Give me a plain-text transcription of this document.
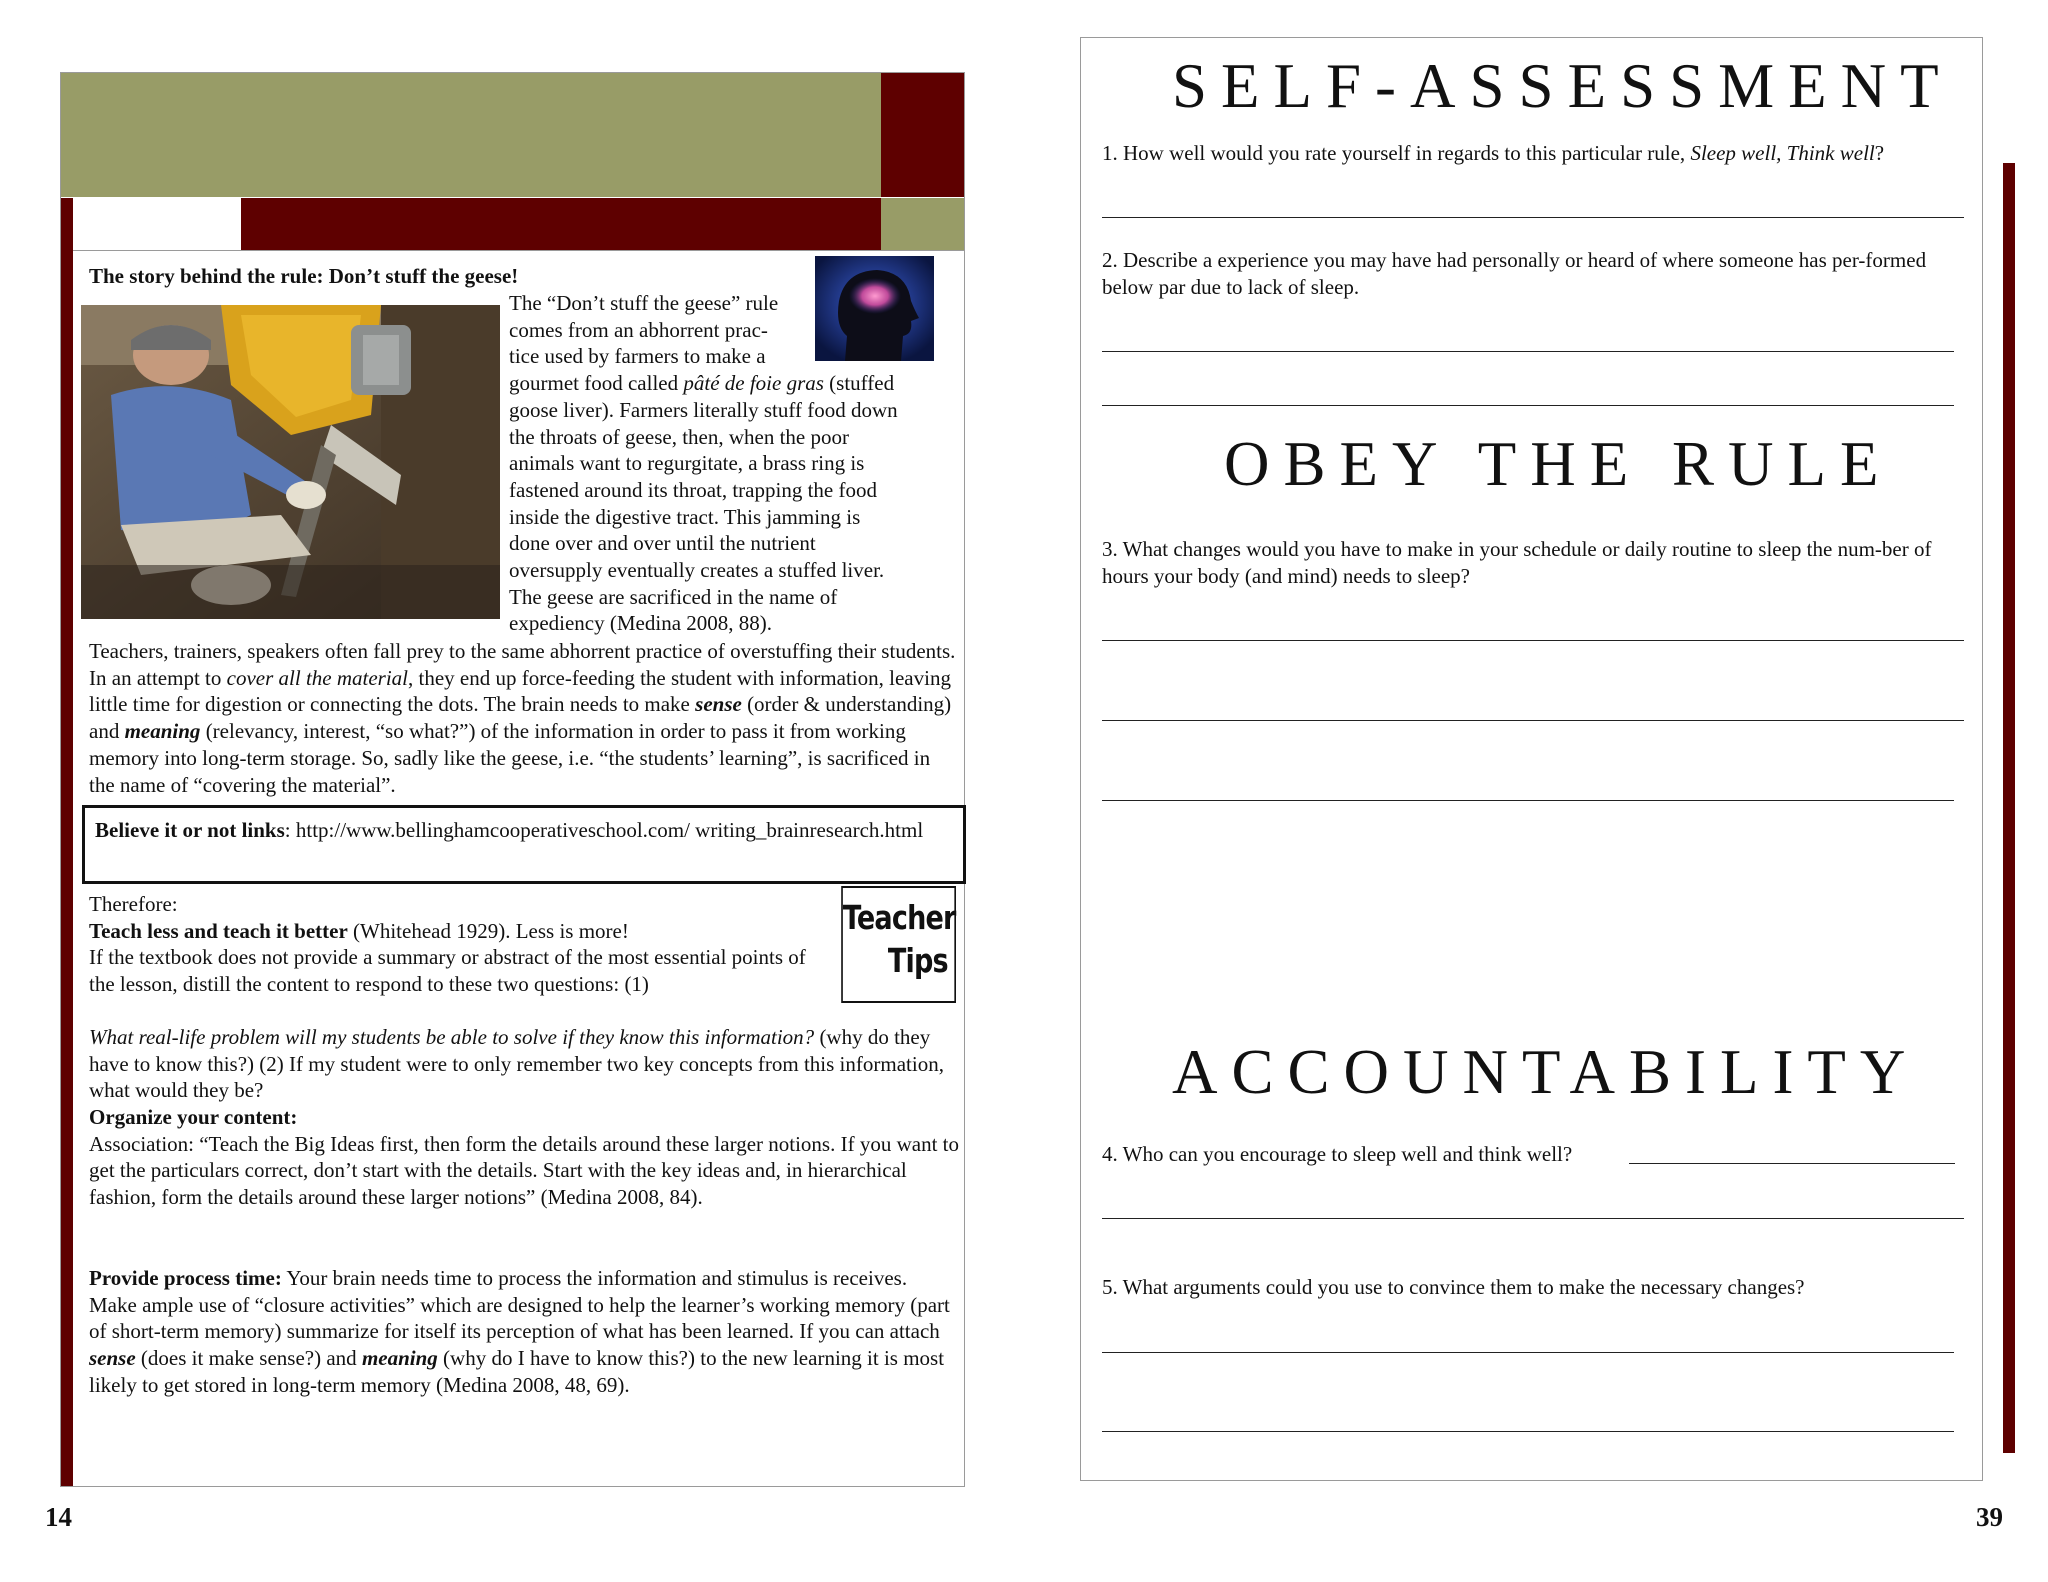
The story behind the rule: Don’t stuff the geese!
The “Don’t stuff the geese” rule
comes from an abhorrent prac-
tice used by farmers to make a
gourmet food called pâté de foie gras (stuffed
goose liver). Farmers literally stuff food down
the throats of geese, then, when the poor
animals want to regurgitate, a brass ring is
fastened around its throat, trapping the food
inside the digestive tract. This jamming is
done over and over until the nutrient
oversupply eventually creates a stuffed liver.
The geese are sacrificed in the name of
expediency (Medina 2008, 88).
Teachers, trainers, speakers often fall prey to the same abhorrent practice of overstuffing their students. In an attempt to cover all the material, they end up force-feeding the student with information, leaving little time for digestion or connecting the dots. The brain needs to make sense (order & understanding) and meaning (relevancy, interest, “so what?”) of the information in order to pass it from working memory into long-term storage. So, sadly like the geese, i.e. “the students’ learning”, is sacrificed in the name of “covering the material”.
Believe it or not links: http://www.bellinghamcooperativeschool.com/ writing_brainresearch.html
Teacher
Tips
Therefore:
Teach less and teach it better (Whitehead 1929). Less is more!
If the textbook does not provide a summary or abstract of the most essential points of the lesson, distill the content to respond to these two questions: (1)
What real-life problem will my students be able to solve if they know this information? (why do they have to know this?) (2) If my student were to only remember two key concepts from this information, what would they be?
Organize your content:
Association: “Teach the Big Ideas first, then form the details around these larger notions. If you want to get the particulars correct, don’t start with the details. Start with the key ideas and, in hierarchical fashion, form the details around these larger notions” (Medina 2008, 84).
Provide process time: Your brain needs time to process the information and stimulus is receives. Make ample use of “closure activities” which are designed to help the learner’s working memory (part of short-term memory) summarize for itself its perception of what has been learned. If you can attach sense (does it make sense?) and meaning (why do I have to know this?) to the new learning it is most likely to get stored in long-term memory (Medina 2008, 48, 69).
14
SELF-ASSESSMENT
1. How well would you rate yourself in regards to this particular rule, Sleep well, Think well?
2. Describe a experience you may have had personally or heard of where someone has per-formed below par due to lack of sleep.
OBEY THE RULE
3. What changes would you have to make in your schedule or daily routine to sleep the num-ber of hours your body (and mind) needs to sleep?
ACCOUNTABILITY
4. Who can you encourage to sleep well and think well?
5. What arguments could you use to convince them to make the necessary changes?
39
